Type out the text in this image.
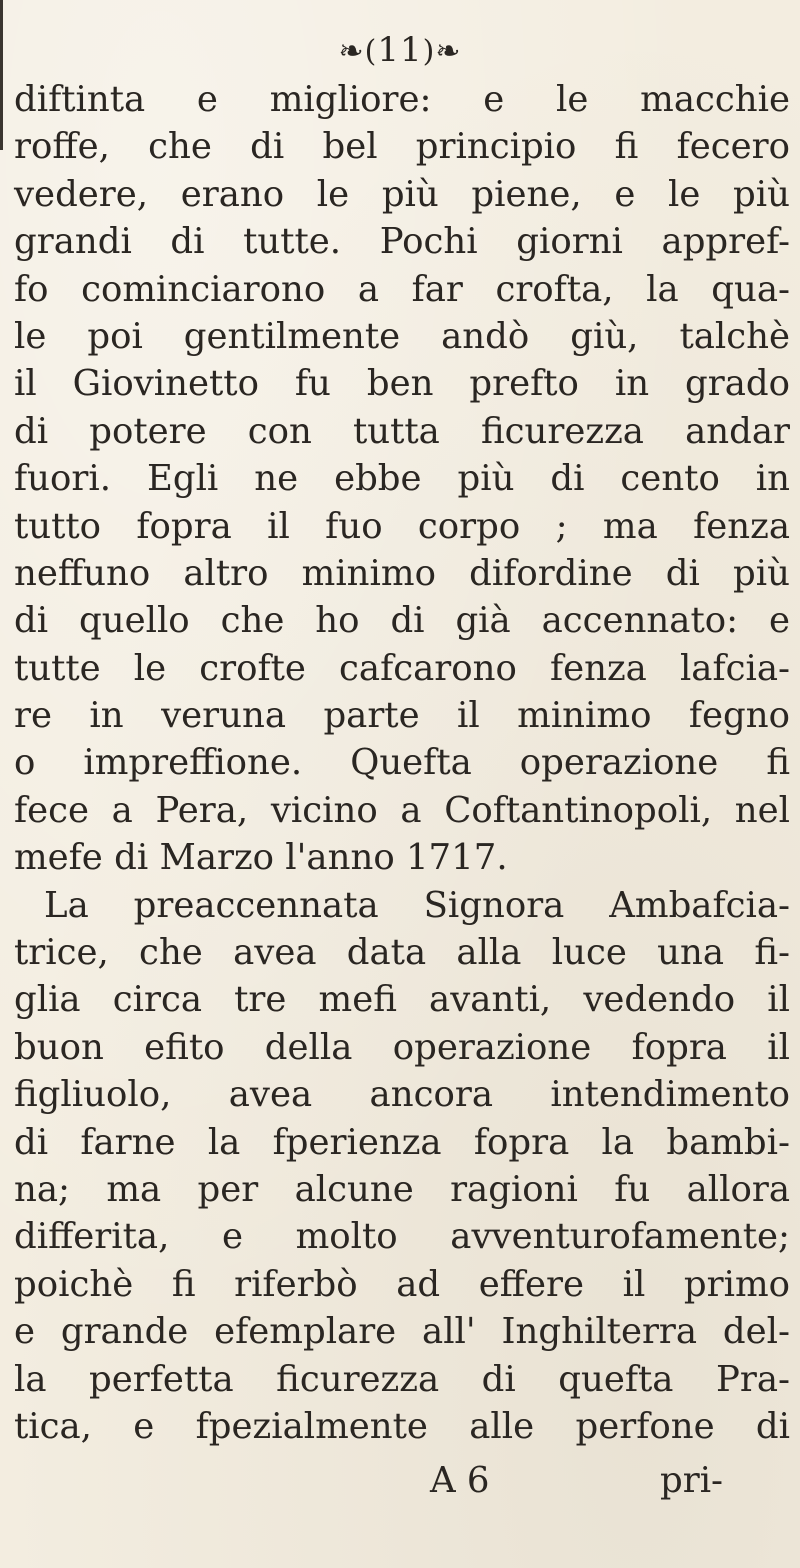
❧(11)❧
diftinta e migliore: e le macchie
roffe, che di bel principio fi fecero
vedere, erano le più piene, e le più
grandi di tutte. Pochi giorni appref-
fo cominciarono a far crofta, la qua-
le poi gentilmente andò giù, talchè
il Giovinetto fu ben prefto in grado
di potere con tutta ficurezza andar
fuori. Egli ne ebbe più di cento in
tutto fopra il fuo corpo ; ma fenza
neffuno altro minimo difordine di più
di quello che ho di già accennato: e
tutte le crofte cafcarono fenza lafcia-
re in veruna parte il minimo fegno
o impreffione. Quefta operazione fi
fece a Pera, vicino a Coftantinopoli, nel
mefe di Marzo l'anno 1717.
La preaccennata Signora Ambafcia-
trice, che avea data alla luce una fi-
glia circa tre mefi avanti, vedendo il
buon efito della operazione fopra il
figliuolo, avea ancora intendimento
di farne la fperienza fopra la bambi-
na; ma per alcune ragioni fu allora
differita, e molto avventurofamente;
poichè fi riferbò ad effere il primo
e grande efemplare all' Inghilterra del-
la perfetta ficurezza di quefta Pra-
tica, e fpezialmente alle perfone di
A 6	pri-
